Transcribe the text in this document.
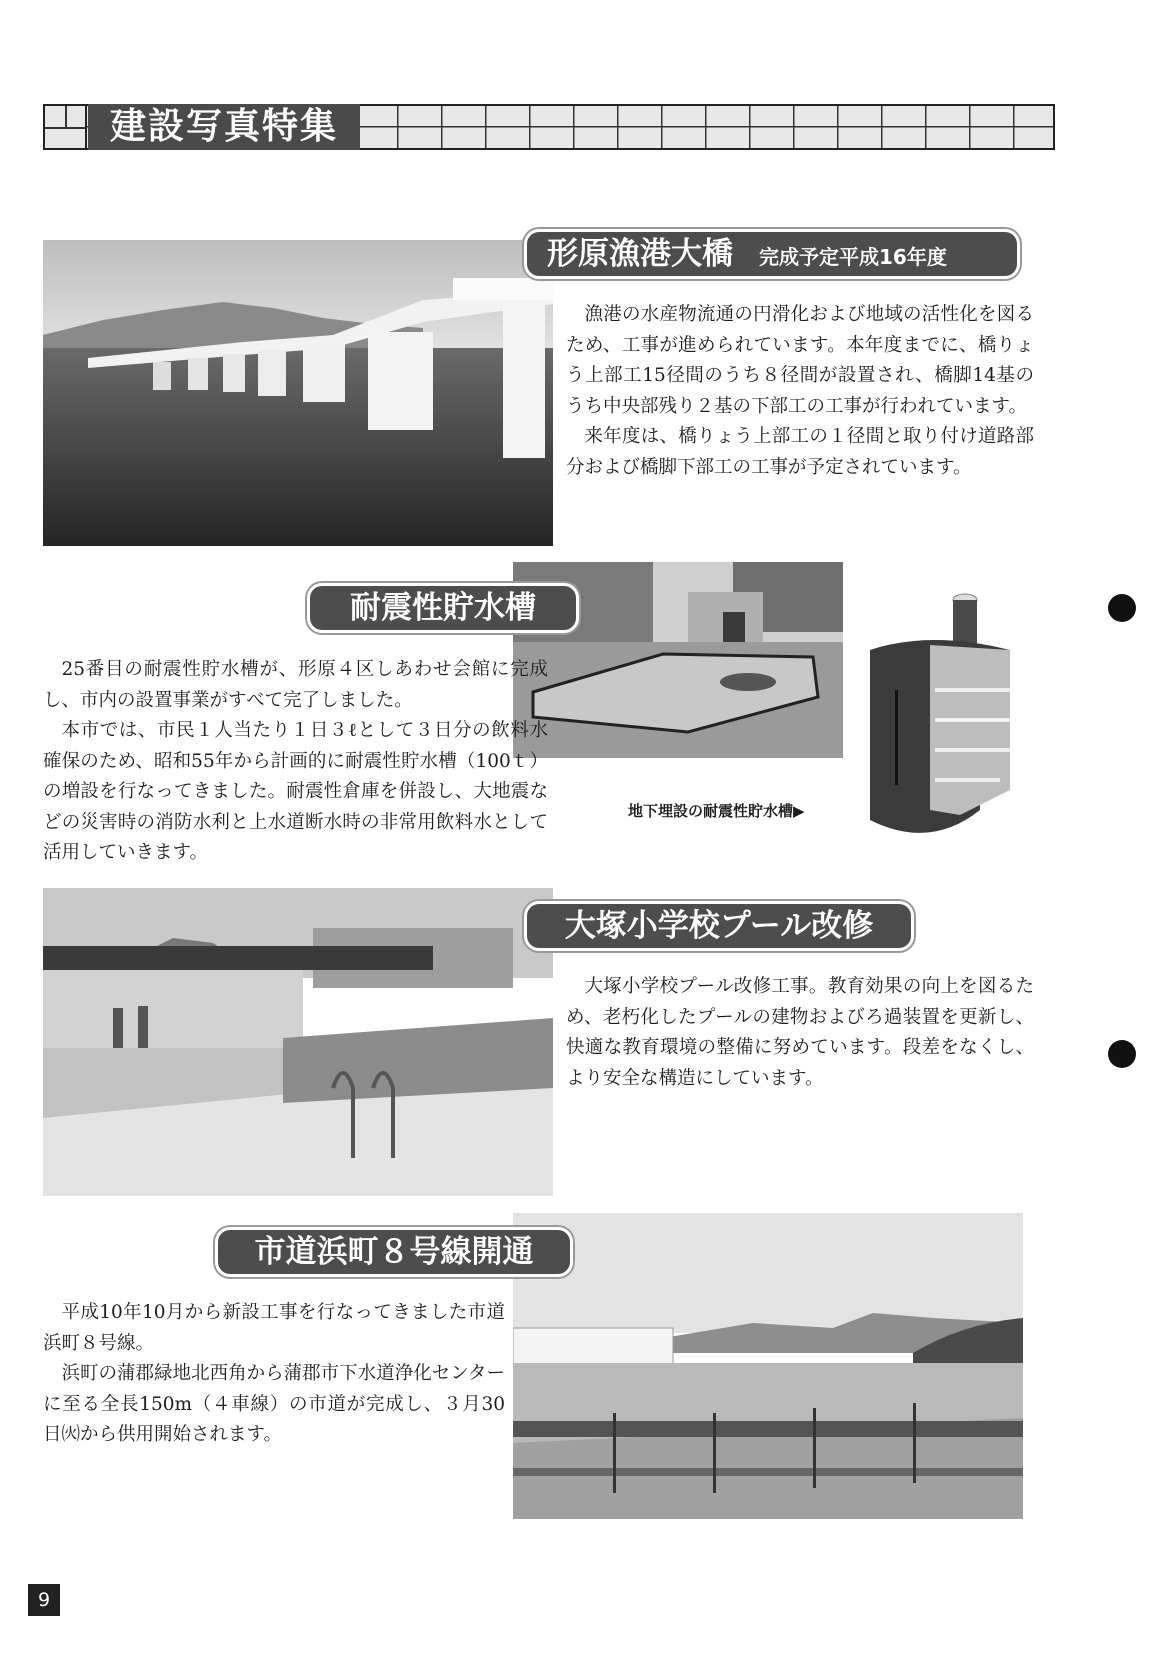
建設写真特集
形原漁港大橋 完成予定平成16年度

漁港の水産物流通の円滑化および地域の活性化を図るため、工事が進められています。本年度までに、橋りょう上部工15径間のうち８径間が設置され、橋脚14基のうち中央部残り２基の下部工の工事が行われています。

来年度は、橋りょう上部工の１径間と取り付け道路部分および橋脚下部工の工事が予定されています。

耐震性貯水槽

25番目の耐震性貯水槽が、形原４区しあわせ会館に完成し、市内の設置事業がすべて完了しました。

本市では、市民１人当たり１日３ℓとして３日分の飲料水確保のため、昭和55年から計画的に耐震性貯水槽（100ｔ）の増設を行なってきました。耐震性倉庫を併設し、大地震などの災害時の消防水利と上水道断水時の非常用飲料水として活用していきます。

地下埋設の耐震性貯水槽▶
大塚小学校プール改修

大塚小学校プール改修工事。教育効果の向上を図るため、老朽化したプールの建物およびろ過装置を更新し、快適な教育環境の整備に努めています。段差をなくし、より安全な構造にしています。

市道浜町８号線開通

平成10年10月から新設工事を行なってきました市道浜町８号線。

浜町の蒲郡緑地北西角から蒲郡市下水道浄化センターに至る全長150m（４車線）の市道が完成し、３月30日㈫から供用開始されます。

9
